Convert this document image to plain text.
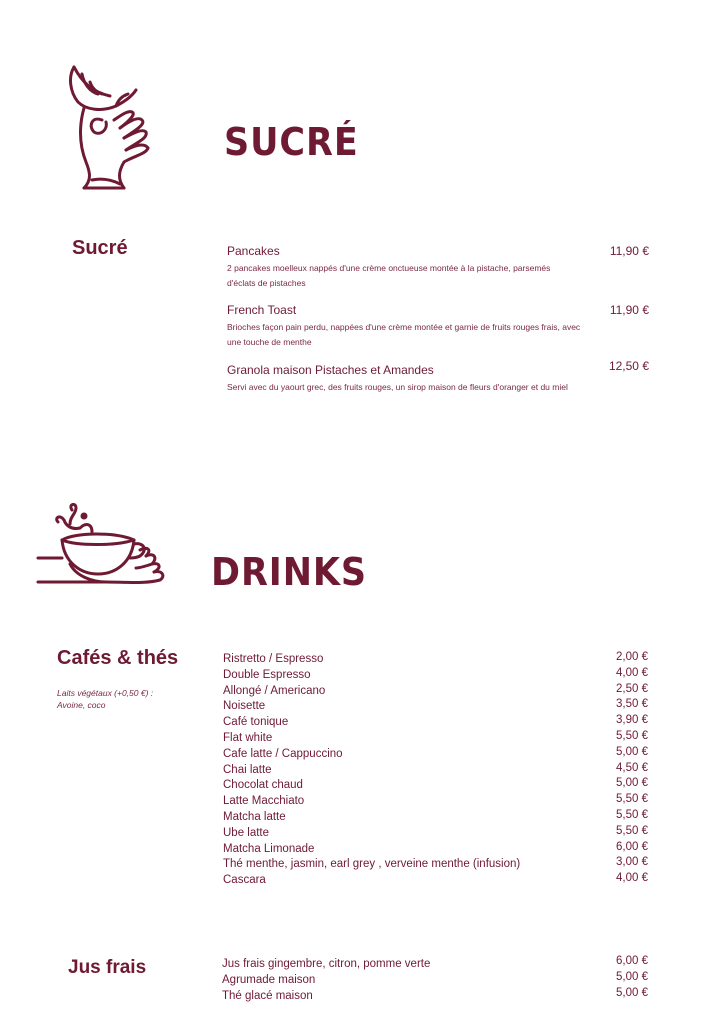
SUCRÉ
Sucré	Pancakes
2 pancakes moelleux nappés d'une crème onctueuse montée à la pistache, parsemés d'éclats de pistaches
11,90 €
French Toast
Brioches façon pain perdu, nappées d'une crème montée et garnie de fruits rouges frais, avec une touche de menthe
11,90 €
Granola maison Pistaches et Amandes
Servi avec du yaourt grec, des fruits rouges, un sirop maison de fleurs d'oranger et du miel
12,50 €
DRINKS
Cafés & thés
Laits végétaux (+0,50 €) :
Avoine, coco
Ristretto / Espresso
Double Espresso
Allongé / Americano
Noisette
Café tonique
Flat white
Cafe latte / Cappuccino
Chai latte
Chocolat chaud
Latte Macchiato
Matcha latte
Ube latte
Matcha Limonade
Thé menthe, jasmin, earl grey , verveine menthe (infusion)
Cascara
2,00 €
4,00 €
2,50 €
3,50 €
3,90 €
5,50 €
5,00 €
4,50 €
5,00 €
5,50 €
5,50 €
5,50 €
6,00 €
3,00 €
4,00 €
Jus frais	Jus frais gingembre, citron, pomme verte
Agrumade maison
Thé glacé maison
6,00 €
5,00 €
5,00 €
